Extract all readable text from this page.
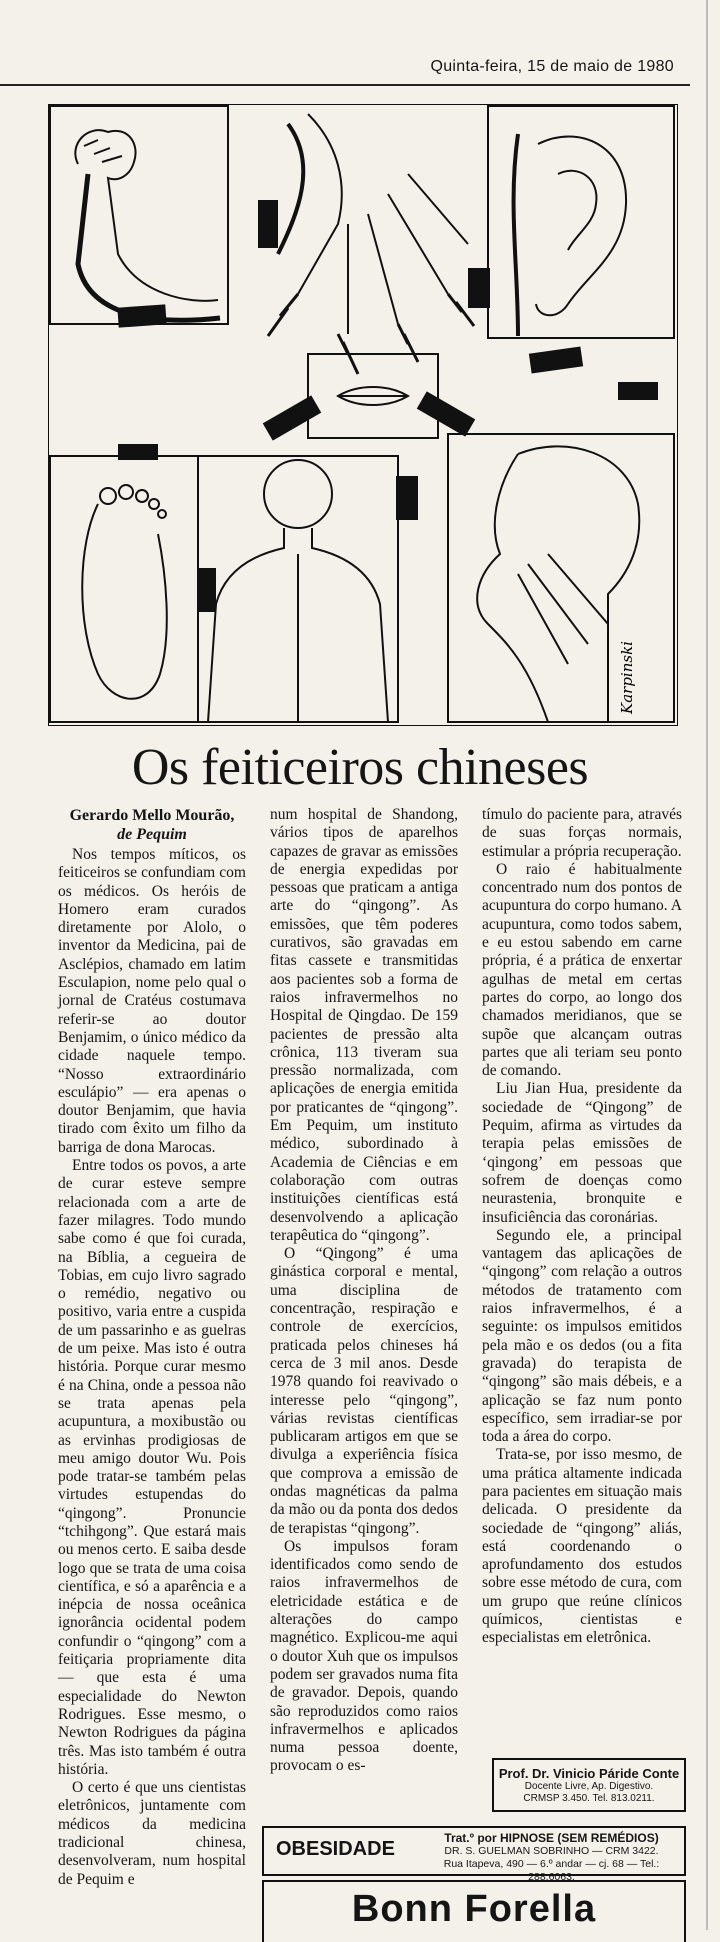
Quinta-feira, 15 de maio de 1980
Karpinski
Os feiticeiros chineses
Gerardo Mello Mourão,
de Pequim

Nos tempos míticos, os feiticeiros se confundiam com os médicos. Os heróis de Homero eram curados diretamente por Alolo, o inventor da Medicina, pai de Asclépios, chamado em latim Esculapion, nome pelo qual o jornal de Cratéus costumava referir-se ao doutor Benjamim, o único médico da cidade naquele tempo. “Nosso extraordinário esculápio” — era apenas o doutor Benjamim, que havia tirado com êxito um filho da barriga de dona Marocas.

Entre todos os povos, a arte de curar esteve sempre relacionada com a arte de fazer milagres. Todo mundo sabe como é que foi curada, na Bíblia, a cegueira de Tobias, em cujo livro sagrado o remédio, negativo ou positivo, varia entre a cuspida de um passarinho e as guelras de um peixe. Mas isto é outra história. Porque curar mesmo é na China, onde a pessoa não se trata apenas pela acupuntura, a moxibustão ou as ervinhas prodigiosas de meu amigo doutor Wu. Pois pode tratar-se também pelas virtudes estupendas do “qingong”. Pronuncie “tchihgong”. Que estará mais ou menos certo. E saiba desde logo que se trata de uma coisa científica, e só a aparência e a inépcia de nossa oceânica ignorância ocidental podem confundir o “qingong” com a feitiçaria propriamente dita — que esta é uma especialidade do Newton Rodrigues. Esse mesmo, o Newton Rodrigues da página três. Mas isto também é outra história.

O certo é que uns cientistas eletrônicos, juntamente com médicos da medicina tradicional chinesa, desenvolveram, num hospital de Pequim e

num hospital de Shandong, vários tipos de aparelhos capazes de gravar as emissões de energia expedidas por pessoas que praticam a antiga arte do “qingong”. As emissões, que têm poderes curativos, são gravadas em fitas cassete e transmitidas aos pacientes sob a forma de raios infravermelhos no Hospital de Qingdao. De 159 pacientes de pressão alta crônica, 113 tiveram sua pressão normalizada, com aplicações de energia emitida por praticantes de “qingong”. Em Pequim, um instituto médico, subordinado à Academia de Ciências e em colaboração com outras instituições científicas está desenvolvendo a aplicação terapêutica do “qingong”.

O “Qingong” é uma ginástica corporal e mental, uma disciplina de concentração, respiração e controle de exercícios, praticada pelos chineses há cerca de 3 mil anos. Desde 1978 quando foi reavivado o interesse pelo “qingong”, várias revistas científicas publicaram artigos em que se divulga a experiência física que comprova a emissão de ondas magnéticas da palma da mão ou da ponta dos dedos de terapistas “qingong”.

Os impulsos foram identificados como sendo de raios infravermelhos de eletricidade estática e de alterações do campo magnético. Explicou-me aqui o doutor Xuh que os impulsos podem ser gravados numa fita de gravador. Depois, quando são reproduzidos como raios infravermelhos e aplicados numa pessoa doente, provocam o es-

tímulo do paciente para, através de suas forças normais, estimular a própria recuperação.

O raio é habitualmente concentrado num dos pontos de acupuntura do corpo humano. A acupuntura, como todos sabem, e eu estou sabendo em carne própria, é a prática de enxertar agulhas de metal em certas partes do corpo, ao longo dos chamados meridianos, que se supõe que alcançam outras partes que ali teriam seu ponto de comando.

Liu Jian Hua, presidente da sociedade de “Qingong” de Pequim, afirma as virtudes da terapia pelas emissões de ‘qingong’ em pessoas que sofrem de doenças como neurastenia, bronquite e insuficiência das coronárias.

Segundo ele, a principal vantagem das aplicações de “qingong” com relação a outros métodos de tratamento com raios infravermelhos, é a seguinte: os impulsos emitidos pela mão e os dedos (ou a fita gravada) do terapista de “qingong” são mais débeis, e a aplicação se faz num ponto específico, sem irradiar-se por toda a área do corpo.

Trata-se, por isso mesmo, de uma prática altamente indicada para pacientes em situação mais delicada. O presidente da sociedade de “qingong” aliás, está coordenando o aprofundamento dos estudos sobre esse método de cura, com um grupo que reúne clínicos químicos, cientistas e especialistas em eletrônica.

Prof. Dr. Vinicio Páride Conte
Docente Livre, Ap. Digestivo.
CRMSP 3.450. Tel. 813.0211.
OBESIDADE	Trat.º por HIPNOSE (SEM REMÉDIOS)
DR. S. GUELMAN SOBRINHO — CRM 3422.
Rua Itapeva, 490 — 6.º andar — cj. 68 — Tel.: 288.6063.
Bonn Forella
